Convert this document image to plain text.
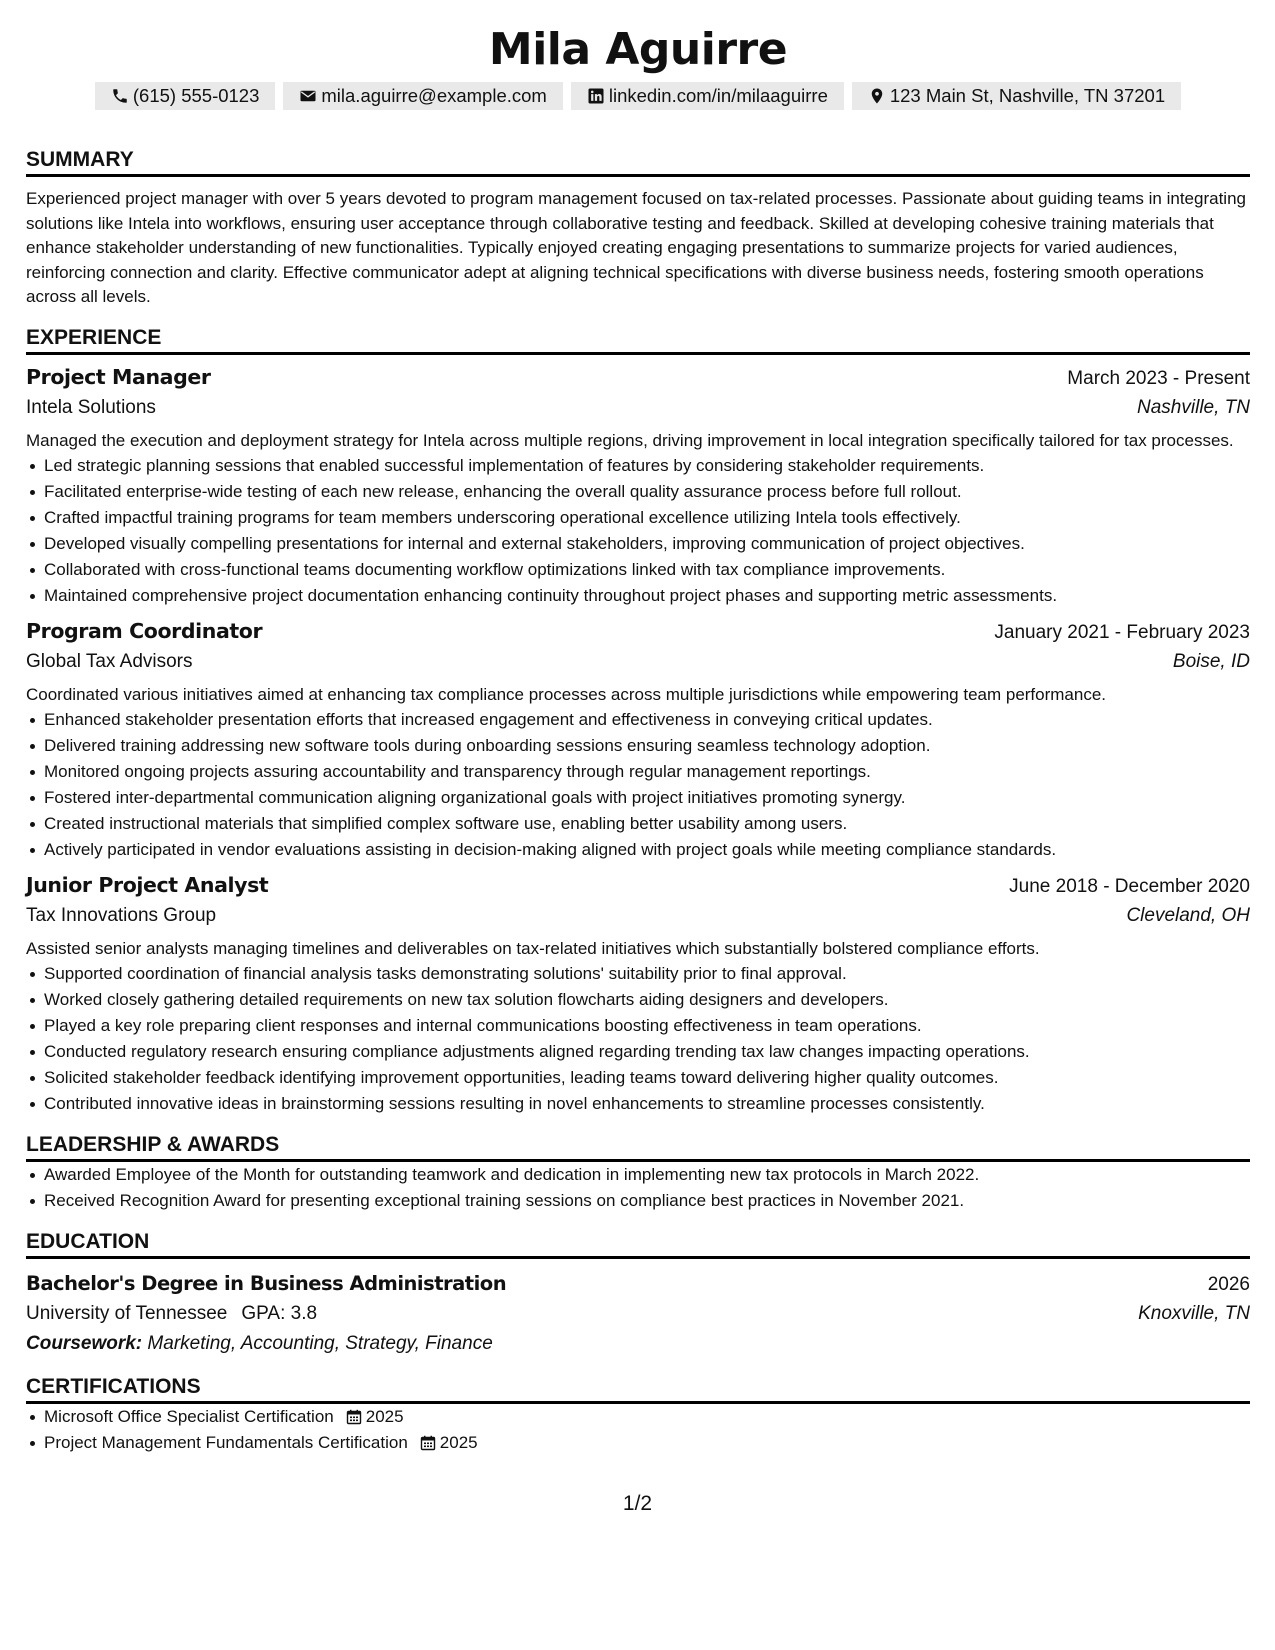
Mila Aguirre
(615) 555-0123	mila.aguirre@example.com	linkedin.com/in/milaaguirre	123 Main St, Nashville, TN 37201
SUMMARY
Experienced project manager with over 5 years devoted to program management focused on tax-related processes. Passionate about guiding teams in integrating solutions like Intela into workflows, ensuring user acceptance through collaborative testing and feedback. Skilled at developing cohesive training materials that enhance stakeholder understanding of new functionalities. Typically enjoyed creating engaging presentations to summarize projects for varied audiences, reinforcing connection and clarity. Effective communicator adept at aligning technical specifications with diverse business needs, fostering smooth operations across all levels.
EXPERIENCE
Project Manager	March 2023 - Present
Intela Solutions	Nashville, TN
Managed the execution and deployment strategy for Intela across multiple regions, driving improvement in local integration specifically tailored for tax processes.
Led strategic planning sessions that enabled successful implementation of features by considering stakeholder requirements.
Facilitated enterprise-wide testing of each new release, enhancing the overall quality assurance process before full rollout.
Crafted impactful training programs for team members underscoring operational excellence utilizing Intela tools effectively.
Developed visually compelling presentations for internal and external stakeholders, improving communication of project objectives.
Collaborated with cross-functional teams documenting workflow optimizations linked with tax compliance improvements.
Maintained comprehensive project documentation enhancing continuity throughout project phases and supporting metric assessments.
Program Coordinator	January 2021 - February 2023
Global Tax Advisors	Boise, ID
Coordinated various initiatives aimed at enhancing tax compliance processes across multiple jurisdictions while empowering team performance.
Enhanced stakeholder presentation efforts that increased engagement and effectiveness in conveying critical updates.
Delivered training addressing new software tools during onboarding sessions ensuring seamless technology adoption.
Monitored ongoing projects assuring accountability and transparency through regular management reportings.
Fostered inter-departmental communication aligning organizational goals with project initiatives promoting synergy.
Created instructional materials that simplified complex software use, enabling better usability among users.
Actively participated in vendor evaluations assisting in decision-making aligned with project goals while meeting compliance standards.
Junior Project Analyst	June 2018 - December 2020
Tax Innovations Group	Cleveland, OH
Assisted senior analysts managing timelines and deliverables on tax-related initiatives which substantially bolstered compliance efforts.
Supported coordination of financial analysis tasks demonstrating solutions' suitability prior to final approval.
Worked closely gathering detailed requirements on new tax solution flowcharts aiding designers and developers.
Played a key role preparing client responses and internal communications boosting effectiveness in team operations.
Conducted regulatory research ensuring compliance adjustments aligned regarding trending tax law changes impacting operations.
Solicited stakeholder feedback identifying improvement opportunities, leading teams toward delivering higher quality outcomes.
Contributed innovative ideas in brainstorming sessions resulting in novel enhancements to streamline processes consistently.
LEADERSHIP & AWARDS
Awarded Employee of the Month for outstanding teamwork and dedication in implementing new tax protocols in March 2022.
Received Recognition Award for presenting exceptional training sessions on compliance best practices in November 2021.
EDUCATION
Bachelor's Degree in Business Administration	2026
University of Tennessee GPA: 3.8	Knoxville, TN
Coursework: Marketing, Accounting, Strategy, Finance
CERTIFICATIONS
Microsoft Office Specialist Certification 2025
Project Management Fundamentals Certification 2025
1/2
